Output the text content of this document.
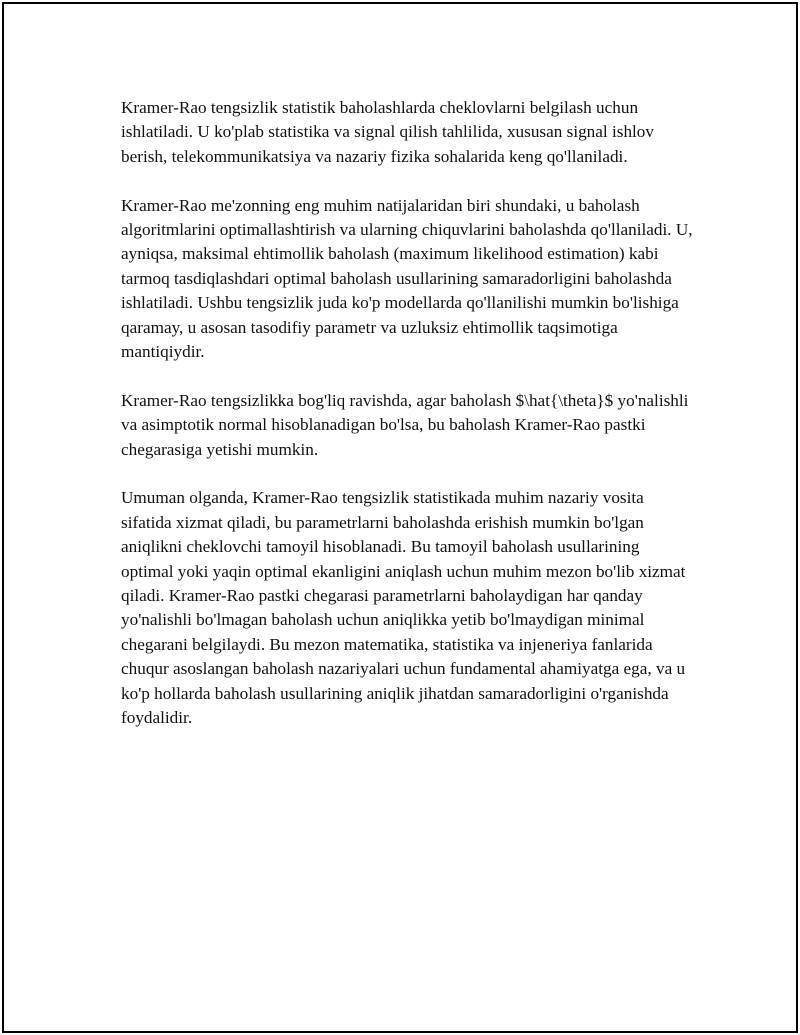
Kramer-Rao tengsizlik statistik baholashlarda cheklovlarni belgilash uchun ishlatiladi. U ko'plab statistika va signal qilish tahlilida, xususan signal ishlov berish, telekommunikatsiya va nazariy fizika sohalarida keng qo'llaniladi.

Kramer-Rao me'zonning eng muhim natijalaridan biri shundaki, u baholash algoritmlarini optimallashtirish va ularning chiquvlarini baholashda qo'llaniladi. U, ayniqsa, maksimal ehtimollik baholash (maximum likelihood estimation) kabi tarmoq tasdiqlashdari optimal baholash usullarining samaradorligini baholashda ishlatiladi. Ushbu tengsizlik juda ko'p modellarda qo'llanilishi mumkin bo'lishiga qaramay, u asosan tasodifiy parametr va uzluksiz ehtimollik taqsimotiga mantiqiydir.

Kramer-Rao tengsizlikka bog'liq ravishda, agar baholash $\hat{\theta}$ yo'nalishli va asimptotik normal hisoblanadigan bo'lsa, bu baholash Kramer-Rao pastki chegarasiga yetishi mumkin.

Umuman olganda, Kramer-Rao tengsizlik statistikada muhim nazariy vosita sifatida xizmat qiladi, bu parametrlarni baholashda erishish mumkin bo'lgan aniqlikni cheklovchi tamoyil hisoblanadi. Bu tamoyil baholash usullarining optimal yoki yaqin optimal ekanligini aniqlash uchun muhim mezon bo'lib xizmat qiladi. Kramer-Rao pastki chegarasi parametrlarni baholaydigan har qanday yo'nalishli bo'lmagan baholash uchun aniqlikka yetib bo'lmaydigan minimal chegarani belgilaydi. Bu mezon matematika, statistika va injeneriya fanlarida chuqur asoslangan baholash nazariyalari uchun fundamental ahamiyatga ega, va u ko'p hollarda baholash usullarining aniqlik jihatdan samaradorligini o'rganishda foydalidir.
